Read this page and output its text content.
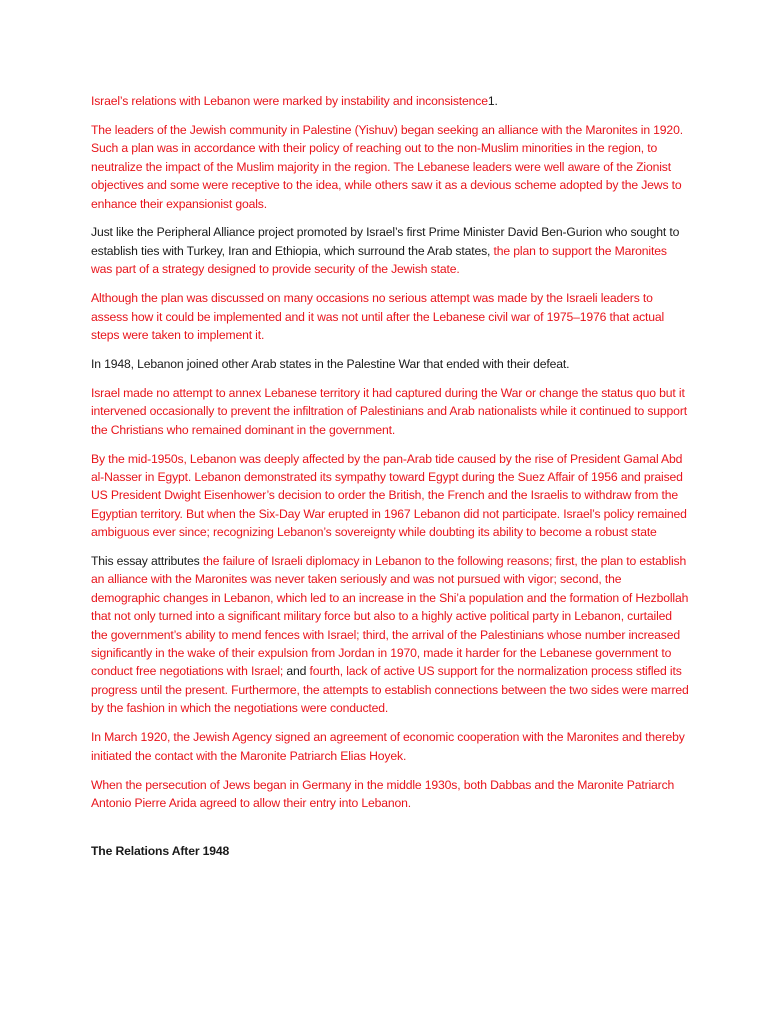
Israel’s relations with Lebanon were marked by instability and inconsistence1.

The leaders of the Jewish community in Palestine (Yishuv) began seeking an alliance with the Maronites in 1920. Such a plan was in accordance with their policy of reaching out to the non-Muslim minorities in the region, to neutralize the impact of the Muslim majority in the region. The Lebanese leaders were well aware of the Zionist objectives and some were receptive to the idea, while others saw it as a devious scheme adopted by the Jews to enhance their expansionist goals.

Just like the Peripheral Alliance project promoted by Israel’s first Prime Minister David Ben-Gurion who sought to establish ties with Turkey, Iran and Ethiopia, which surround the Arab states, the plan to support the Maronites was part of a strategy designed to provide security of the Jewish state.

Although the plan was discussed on many occasions no serious attempt was made by the Israeli leaders to assess how it could be implemented and it was not until after the Lebanese civil war of 1975–1976 that actual steps were taken to implement it.

In 1948, Lebanon joined other Arab states in the Palestine War that ended with their defeat.

Israel made no attempt to annex Lebanese territory it had captured during the War or change the status quo but it intervened occasionally to prevent the infiltration of Palestinians and Arab nationalists while it continued to support the Christians who remained dominant in the government.

By the mid-1950s, Lebanon was deeply affected by the pan-Arab tide caused by the rise of President Gamal Abd al-Nasser in Egypt. Lebanon demonstrated its sympathy toward Egypt during the Suez Affair of 1956 and praised US President Dwight Eisenhower’s decision to order the British, the French and the Israelis to withdraw from the Egyptian territory. But when the Six-Day War erupted in 1967 Lebanon did not participate. Israel’s policy remained ambiguous ever since; recognizing Lebanon’s sovereignty while doubting its ability to become a robust state

This essay attributes the failure of Israeli diplomacy in Lebanon to the following reasons; first, the plan to establish an alliance with the Maronites was never taken seriously and was not pursued with vigor; second, the demographic changes in Lebanon, which led to an increase in the Shi’a population and the formation of Hezbollah that not only turned into a significant military force but also to a highly active political party in Lebanon, curtailed the government’s ability to mend fences with Israel; third, the arrival of the Palestinians whose number increased significantly in the wake of their expulsion from Jordan in 1970, made it harder for the Lebanese government to conduct free negotiations with Israel; and fourth, lack of active US support for the normalization process stifled its progress until the present. Furthermore, the attempts to establish connections between the two sides were marred by the fashion in which the negotiations were conducted.

In March 1920, the Jewish Agency signed an agreement of economic cooperation with the Maronites and thereby initiated the contact with the Maronite Patriarch Elias Hoyek.

When the persecution of Jews began in Germany in the middle 1930s, both Dabbas and the Maronite Patriarch Antonio Pierre Arida agreed to allow their entry into Lebanon.

The Relations After 1948
